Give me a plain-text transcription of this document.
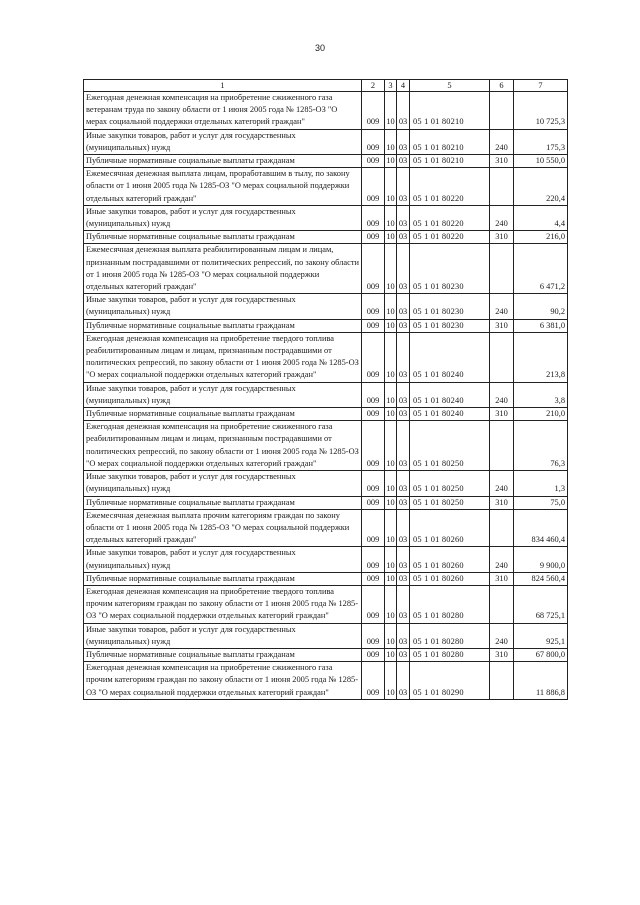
30
1	2	3	4	5	6	7
Ежегодная денежная компенсация на приобретение сжиженного газа ветеранам труда по закону области от 1 июня 2005 года № 1285-ОЗ "О мерах социальной поддержки отдельных категорий граждан"	009	10	03	05 1 01 80210		10 725,3
Иные закупки товаров, работ и услуг для государственных (муниципальных) нужд	009	10	03	05 1 01 80210	240	175,3
Публичные нормативные социальные выплаты гражданам	009	10	03	05 1 01 80210	310	10 550,0
Ежемесячная денежная выплата лицам, проработавшим в тылу, по закону области от 1 июня 2005 года № 1285-ОЗ "О мерах социальной поддержки отдельных категорий граждан"	009	10	03	05 1 01 80220		220,4
Иные закупки товаров, работ и услуг для государственных (муниципальных) нужд	009	10	03	05 1 01 80220	240	4,4
Публичные нормативные социальные выплаты гражданам	009	10	03	05 1 01 80220	310	216,0
Ежемесячная денежная выплата реабилитированным лицам и лицам, признанным пострадавшими от политических репрессий, по закону области от 1 июня 2005 года № 1285-ОЗ "О мерах социальной поддержки отдельных категорий граждан"	009	10	03	05 1 01 80230		6 471,2
Иные закупки товаров, работ и услуг для государственных (муниципальных) нужд	009	10	03	05 1 01 80230	240	90,2
Публичные нормативные социальные выплаты гражданам	009	10	03	05 1 01 80230	310	6 381,0
Ежегодная денежная компенсация на приобретение твердого топлива реабилитированным лицам и лицам, признанным пострадавшими от политических репрессий, по закону области от 1 июня 2005 года № 1285-ОЗ "О мерах социальной поддержки отдельных категорий граждан"	009	10	03	05 1 01 80240		213,8
Иные закупки товаров, работ и услуг для государственных (муниципальных) нужд	009	10	03	05 1 01 80240	240	3,8
Публичные нормативные социальные выплаты гражданам	009	10	03	05 1 01 80240	310	210,0
Ежегодная денежная компенсация на приобретение сжиженного газа реабилитированным лицам и лицам, признанным пострадавшими от политических репрессий, по закону области от 1 июня 2005 года № 1285-ОЗ "О мерах социальной поддержки отдельных категорий граждан"	009	10	03	05 1 01 80250		76,3
Иные закупки товаров, работ и услуг для государственных (муниципальных) нужд	009	10	03	05 1 01 80250	240	1,3
Публичные нормативные социальные выплаты гражданам	009	10	03	05 1 01 80250	310	75,0
Ежемесячная денежная выплата прочим категориям граждан по закону области от 1 июня 2005 года № 1285-ОЗ "О мерах социальной поддержки отдельных категорий граждан"	009	10	03	05 1 01 80260		834 460,4
Иные закупки товаров, работ и услуг для государственных (муниципальных) нужд	009	10	03	05 1 01 80260	240	9 900,0
Публичные нормативные социальные выплаты гражданам	009	10	03	05 1 01 80260	310	824 560,4
Ежегодная денежная компенсация на приобретение твердого топлива прочим категориям граждан по закону области от 1 июня 2005 года № 1285-ОЗ "О мерах социальной поддержки отдельных категорий граждан"	009	10	03	05 1 01 80280		68 725,1
Иные закупки товаров, работ и услуг для государственных (муниципальных) нужд	009	10	03	05 1 01 80280	240	925,1
Публичные нормативные социальные выплаты гражданам	009	10	03	05 1 01 80280	310	67 800,0
Ежегодная денежная компенсация на приобретение сжиженного газа прочим категориям граждан по закону области от 1 июня 2005 года № 1285-ОЗ "О мерах социальной поддержки отдельных категорий граждан"	009	10	03	05 1 01 80290		11 886,8
